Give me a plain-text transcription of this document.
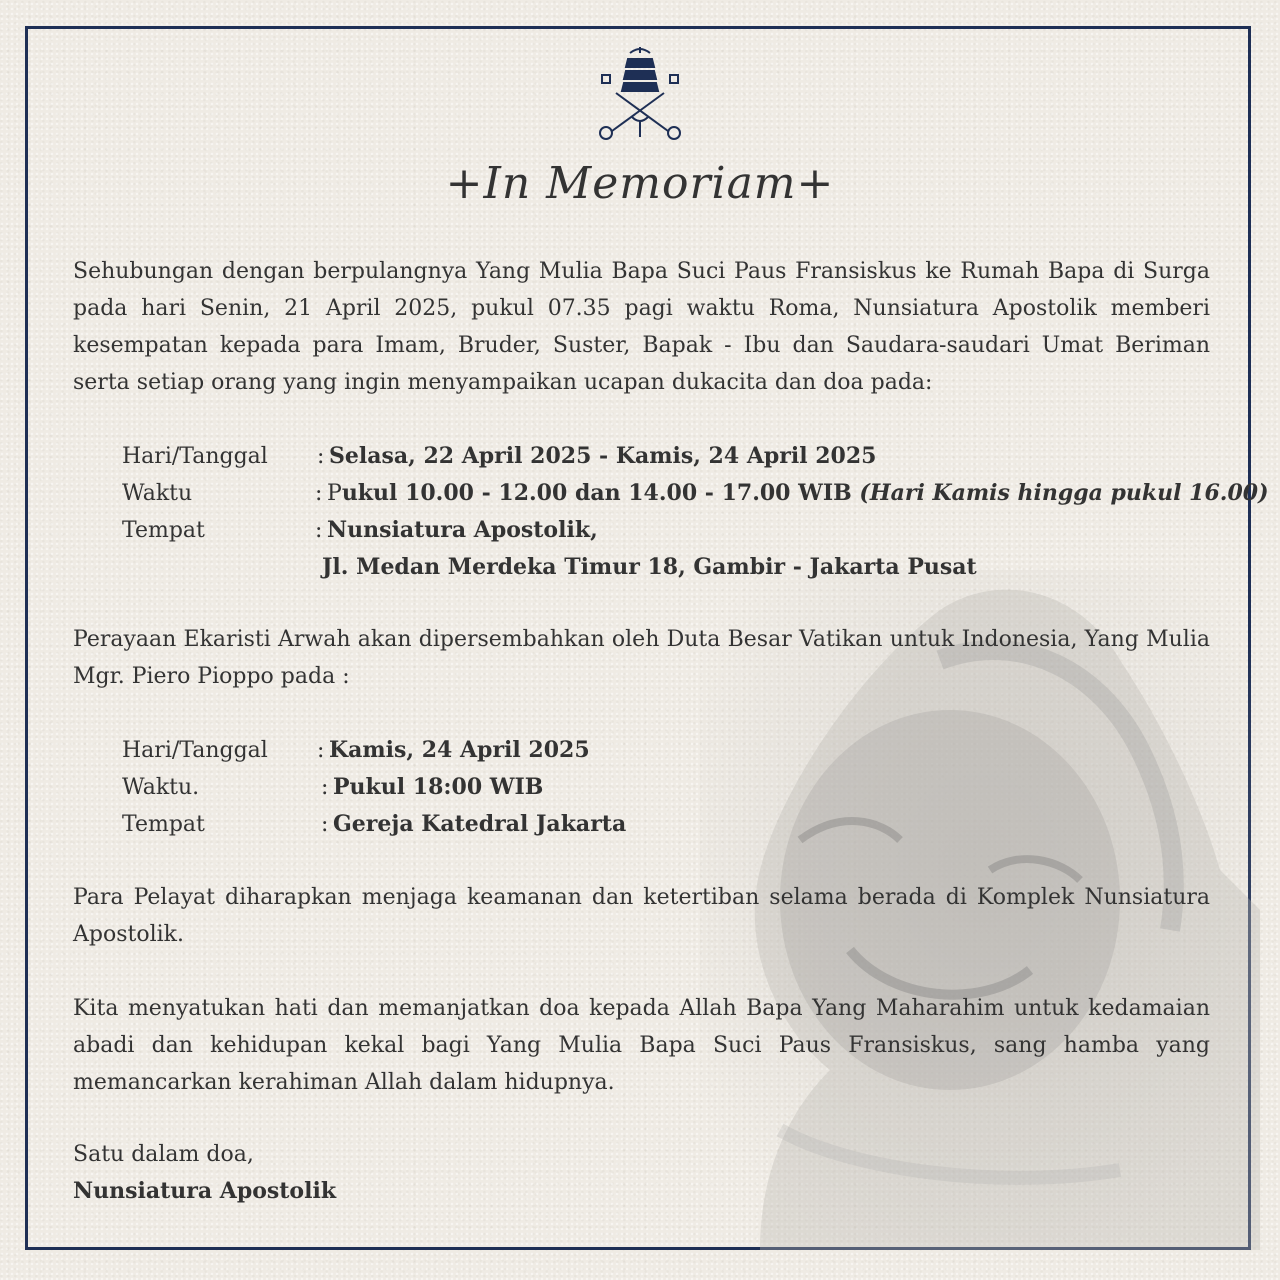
+In Memoriam+
Sehubungan dengan berpulangnya Yang Mulia Bapa Suci Paus Fransiskus ke Rumah Bapa di Surga pada hari Senin, 21 April 2025, pukul 07.35 pagi waktu Roma, Nunsiatura Apostolik memberi kesempatan kepada para Imam, Bruder, Suster, Bapak - Ibu dan Saudara-saudari Umat Beriman serta setiap orang yang ingin menyampaikan ucapan dukacita dan doa pada:
Hari/Tanggal : Selasa, 22 April 2025 - Kamis, 24 April 2025
Waktu	: Pukul 10.00 - 12.00 dan 14.00 - 17.00 WIB (Hari Kamis hingga pukul 16.00)
Tempat	: Nunsiatura Apostolik,
Jl. Medan Merdeka Timur 18, Gambir - Jakarta Pusat
Perayaan Ekaristi Arwah akan dipersembahkan oleh Duta Besar Vatikan untuk Indonesia, Yang Mulia Mgr. Piero Pioppo pada :
Hari/Tanggal : Kamis, 24 April 2025
Waktu.	: Pukul 18:00 WIB
Tempat	: Gereja Katedral Jakarta
Para Pelayat diharapkan menjaga keamanan dan ketertiban selama berada di Komplek Nunsiatura Apostolik.
Kita menyatukan hati dan memanjatkan doa kepada Allah Bapa Yang Maharahim untuk kedamaian abadi dan kehidupan kekal bagi Yang Mulia Bapa Suci Paus Fransiskus, sang hamba yang memancarkan kerahiman Allah dalam hidupnya.
Satu dalam doa,
Nunsiatura Apostolik
